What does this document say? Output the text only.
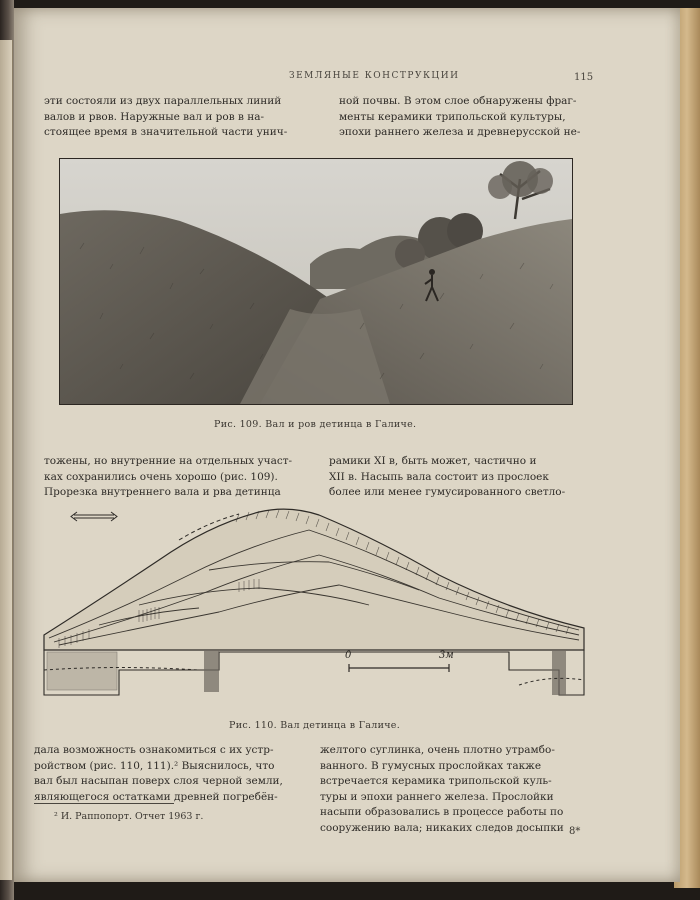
ЗЕМЛЯНЫЕ КОНСТРУКЦИИ	115

эти состояли из двух параллельных линий

валов и рвов. Наружные вал и ров в на-

стоящее время в значительной части унич-

ной почвы. В этом слое обнаружены фраг-

менты керамики трипольской культуры,

эпохи раннего железа и древнерусской не-

Рис. 109. Вал и ров детинца в Галиче.

тожены, но внутренние на отдельных участ-

ках сохранились очень хорошо (рис. 109).

Прорезка внутреннего вала и рва детинца

рамики XI в, быть может, частично и

XII в. Насыпь вала состоит из прослоек

более или менее гумусированного светло-

0	3м
Рис. 110. Вал детинца в Галиче.

дала возможность ознакомиться с их устр-

ройством (рис. 110, 111).² Выяснилось, что

вал был насыпан поверх слоя черной земли,

являющегося остатками древней погребён-

желтого суглинка, очень плотно утрамбо-

ванного. В гумусных прослойках также

встречается керамика трипольской куль-

туры и эпохи раннего железа. Прослойки

насыпи образовались в процессе работы по

сооружению вала; никаких следов досыпки

² И. Раппопорт. Отчет 1963 г.
8*
